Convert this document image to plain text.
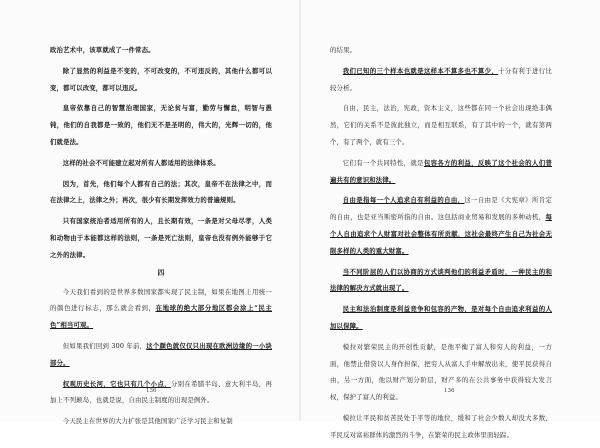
政治艺术中，该草就成了一件常态。

除了显然的利益是不变的，不可改变的，不可违反的，其他什么都可以变，都可以改变，都可以违反。

皇帝依靠自己的智慧治理国家，无论贫与富，勤劳与懈怠，明智与愚钝，他们的自我都是一致的，他们无不是圣明的，伟大的，光辉一切的，他们就是法。

这样的社会不可能建立起对所有人都适用的法律体系。

因为，首先，他们每个人都有自己的法；其次，皇帝不在法律之中，而在法律之上，法律之外；再次，很少有长期发挥效力的普遍规则。

只有国家统治者适用所有的人，且长期有效，一条是对父母尽孝，人类和动物由于本能都这样的法则，一条是死亡法则，皇帝也没有例外能够于它之外的法律。

四

今天我们看到的是世界多数国家都实现了民主制，如果在地图上用统一的颜色进行标志，那么就会看到，在地球的绝大部分地区都会涂上“民主色”相当可观。

但如果我们回到 300 年前，这个颜色就仅仅只出现在欧洲边缘的一小块部分。

权观历史长河，它也只有几个小点，分别在希腊半岛、意大利半岛，再加上不列颠岛，也就是说，自由民主制度的出现是例外。

今天民主在世界的大力扩张是其他国家广泛学习民主和复制

136

的结果。

我们已知的三个样本也就是这样本不算多也不算少，十分有利于进行比较分析。

自由，民主，法治，宪政，资本主义，这些都在同一个社会出现绝非偶然，它们的关系不是彼此独立，而是相互联系，有了其中的一个，就有第两个，有了两个，就有三个。

它们有一个共同特性，就是包容各方的利益，反映了这个社会的人们普遍共有的意识和法律。

自由是指每一个人追求自有利益的自由，这一自由是《大宪章》所肯定的自由，也是亚当斯密所指的自由。这包括商业贸易和发展的多种动机，每个人自由追求个人财富对社会整体有所贡献，这社会最终产生自己为社会无限多样的人类的重大财富。

当不同阶层的人们以协商的方式谈判他们的利益矛盾时，一种民主的和法律的解决方式就出现了。

民主和法治制度是利益竞争和包容的产物，是对每个自由追求利益的人加以保障。

模拉对繁荣民主的开创性贡献，是他平衡了富人和穷人的利益，一方面，他禁止借贷以人身作担保，把穷人从富人手中解放出来，使平民获得自由，另一方面，他以财产划分阶层，财产多的在公共事务中获得较大发言权，保护了富人的利益。

模拉让平民和贫苦民处于平等的地位，缓和了社会少数人却没大多数，平民反对富裕群体的激烈的斗争，在繁荣的民主政体里面轻踪。

136
